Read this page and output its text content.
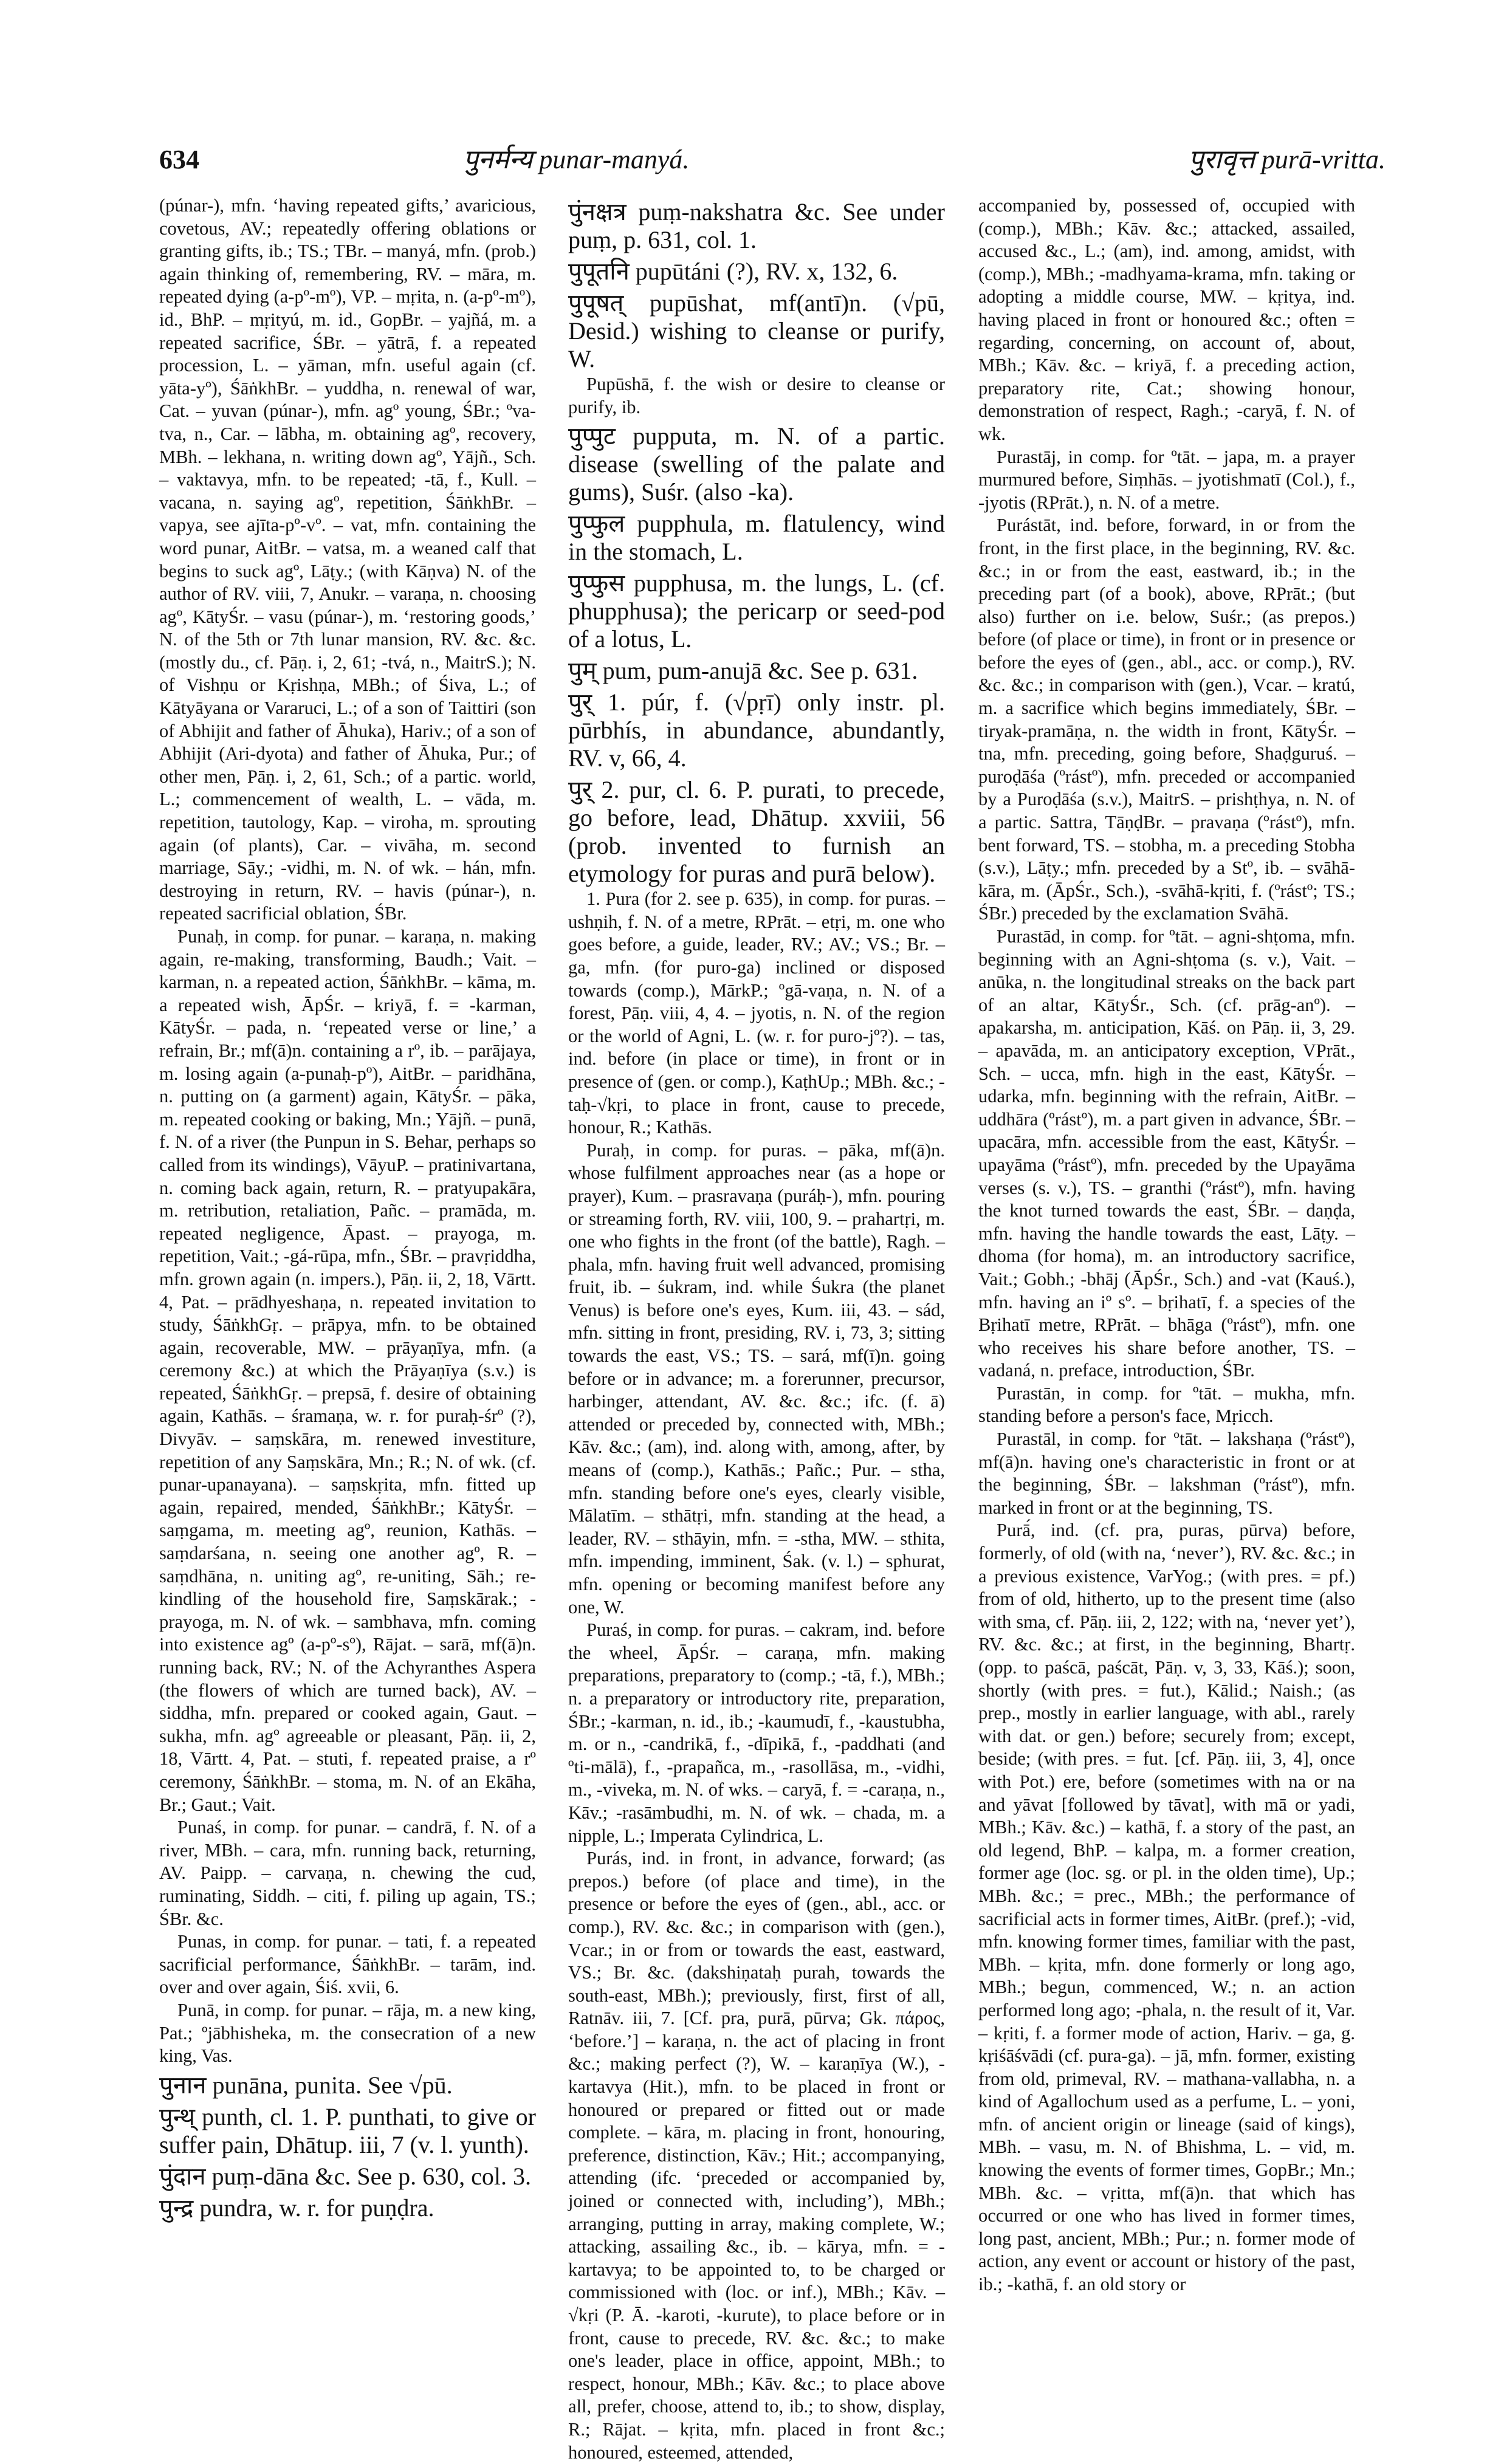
634	पुनर्मन्य punar-manyá.	पुरावृत्त purā-vritta.

(púnar-), mfn. ‘having repeated gifts,’ avaricious, covetous, AV.; repeatedly offering oblations or granting gifts, ib.; TS.; TBr. – manyá, mfn. (prob.) again thinking of, remembering, RV. – māra, m. repeated dying (a-pº-mº), VP. – mṛita, n. (a-pº-mº), id., BhP. – mṛityú, m. id., GopBr. – yajñá, m. a repeated sacrifice, ŚBr. – yātrā, f. a repeated procession, L. – yāman, mfn. useful again (cf. yāta-yº), ŚāṅkhBr. – yuddha, n. renewal of war, Cat. – yuvan (púnar-), mfn. agº young, ŚBr.; ºva-tva, n., Car. – lābha, m. obtaining agº, recovery, MBh. – lekhana, n. writing down agº, Yājñ., Sch. – vaktavya, mfn. to be repeated; -tā, f., Kull. – vacana, n. saying agº, repetition, ŚāṅkhBr. – vapya, see ajīta-pº-vº. – vat, mfn. containing the word punar, AitBr. – vatsa, m. a weaned calf that begins to suck agº, Lāṭy.; (with Kāṇva) N. of the author of RV. viii, 7, Anukr. – varaṇa, n. choosing agº, KātyŚr. – vasu (púnar-), m. ‘restoring goods,’ N. of the 5th or 7th lunar mansion, RV. &c. &c. (mostly du., cf. Pāṇ. i, 2, 61; -tvá, n., MaitrS.); N. of Vishṇu or Kṛishṇa, MBh.; of Śiva, L.; of Kātyāyana or Vararuci, L.; of a son of Taittiri (son of Abhijit and father of Āhuka), Hariv.; of a son of Abhijit (Ari-dyota) and father of Āhuka, Pur.; of other men, Pāṇ. i, 2, 61, Sch.; of a partic. world, L.; commencement of wealth, L. – vāda, m. repetition, tautology, Kap. – viroha, m. sprouting again (of plants), Car. – vivāha, m. second marriage, Sāy.; -vidhi, m. N. of wk. – hán, mfn. destroying in return, RV. – havis (púnar-), n. repeated sacrificial oblation, ŚBr.

Punaḥ, in comp. for punar. – karaṇa, n. making again, re-making, transforming, Baudh.; Vait. – karman, n. a repeated action, ŚāṅkhBr. – kāma, m. a repeated wish, ĀpŚr. – kriyā, f. = -karman, KātyŚr. – pada, n. ‘repeated verse or line,’ a refrain, Br.; mf(ā)n. containing a rº, ib. – parājaya, m. losing again (a-punaḥ-pº), AitBr. – paridhāna, n. putting on (a garment) again, KātyŚr. – pāka, m. repeated cooking or baking, Mn.; Yājñ. – punā, f. N. of a river (the Punpun in S. Behar, perhaps so called from its windings), VāyuP. – pratinivartana, n. coming back again, return, R. – pratyupakāra, m. retribution, retaliation, Pañc. – pramāda, m. repeated negligence, Āpast. – prayoga, m. repetition, Vait.; -gá-rūpa, mfn., ŚBr. – pravṛiddha, mfn. grown again (n. impers.), Pāṇ. ii, 2, 18, Vārtt. 4, Pat. – prādhyeshaṇa, n. repeated invitation to study, ŚāṅkhGṛ. – prāpya, mfn. to be obtained again, recoverable, MW. – prāyaṇīya, mfn. (a ceremony &c.) at which the Prāyaṇīya (s.v.) is repeated, ŚāṅkhGṛ. – prepsā, f. desire of obtaining again, Kathās. – śramaṇa, w. r. for puraḥ-śrº (?), Divyāv. – saṃskāra, m. renewed investiture, repetition of any Saṃskāra, Mn.; R.; N. of wk. (cf. punar-upanayana). – saṃskṛita, mfn. fitted up again, repaired, mended, ŚāṅkhBr.; KātyŚr. – saṃgama, m. meeting agº, reunion, Kathās. – saṃdarśana, n. seeing one another agº, R. – saṃdhāna, n. uniting agº, re-uniting, Sāh.; re-kindling of the household fire, Saṃskārak.; -prayoga, m. N. of wk. – sambhava, mfn. coming into existence agº (a-pº-sº), Rājat. – sarā, mf(ā)n. running back, RV.; N. of the Achyranthes Aspera (the flowers of which are turned back), AV. – siddha, mfn. prepared or cooked again, Gaut. – sukha, mfn. agº agreeable or pleasant, Pāṇ. ii, 2, 18, Vārtt. 4, Pat. – stuti, f. repeated praise, a rº ceremony, ŚāṅkhBr. – stoma, m. N. of an Ekāha, Br.; Gaut.; Vait.

Punaś, in comp. for punar. – candrā, f. N. of a river, MBh. – cara, mfn. running back, returning, AV. Paipp. – carvaṇa, n. chewing the cud, ruminating, Siddh. – citi, f. piling up again, TS.; ŚBr. &c.

Punas, in comp. for punar. – tati, f. a repeated sacrificial performance, ŚāṅkhBr. – tarām, ind. over and over again, Śiś. xvii, 6.

Punā, in comp. for punar. – rāja, m. a new king, Pat.; ºjābhisheka, m. the consecration of a new king, Vas.

पुनान punāna, punita. See √pū.

पुन्थ् punth, cl. 1. P. punthati, to give or suffer pain, Dhātup. iii, 7 (v. l. yunth).

पुंदान puṃ-dāna &c. See p. 630, col. 3.

पुन्द्र pundra, w. r. for puṇḍra.

पुंनक्षत्र puṃ-nakshatra &c. See under puṃ, p. 631, col. 1.

पुपूतनि pupūtáni (?), RV. x, 132, 6.

पुपूषत् pupūshat, mf(antī)n. (√pū, Desid.) wishing to cleanse or purify, W.

Pupūshā, f. the wish or desire to cleanse or purify, ib.

पुप्पुट pupputa, m. N. of a partic. disease (swelling of the palate and gums), Suśr. (also -ka).

पुप्फुल pupphula, m. flatulency, wind in the stomach, L.

पुप्फुस pupphusa, m. the lungs, L. (cf. phupphusa); the pericarp or seed-pod of a lotus, L.

पुम् pum, pum-anujā &c. See p. 631.

पुर् 1. púr, f. (√pṛī) only instr. pl. pūrbhís, in abundance, abundantly, RV. v, 66, 4.

पुर् 2. pur, cl. 6. P. purati, to precede, go before, lead, Dhātup. xxviii, 56 (prob. invented to furnish an etymology for puras and purā below).

1. Pura (for 2. see p. 635), in comp. for puras. – ushṇih, f. N. of a metre, RPrāt. – etṛi, m. one who goes before, a guide, leader, RV.; AV.; VS.; Br. – ga, mfn. (for puro-ga) inclined or disposed towards (comp.), MārkP.; ºgā-vaṇa, n. N. of a forest, Pāṇ. viii, 4, 4. – jyotis, n. N. of the region or the world of Agni, L. (w. r. for puro-jº?). – tas, ind. before (in place or time), in front or in presence of (gen. or comp.), KaṭhUp.; MBh. &c.; -taḥ-√kṛi, to place in front, cause to precede, honour, R.; Kathās.

Puraḥ, in comp. for puras. – pāka, mf(ā)n. whose fulfilment approaches near (as a hope or prayer), Kum. – prasravaṇa (puráḥ-), mfn. pouring or streaming forth, RV. viii, 100, 9. – prahartṛi, m. one who fights in the front (of the battle), Ragh. – phala, mfn. having fruit well advanced, promising fruit, ib. – śukram, ind. while Śukra (the planet Venus) is before one's eyes, Kum. iii, 43. – sád, mfn. sitting in front, presiding, RV. i, 73, 3; sitting towards the east, VS.; TS. – sará, mf(ī)n. going before or in advance; m. a forerunner, precursor, harbinger, attendant, AV. &c. &c.; ifc. (f. ā) attended or preceded by, connected with, MBh.; Kāv. &c.; (am), ind. along with, among, after, by means of (comp.), Kathās.; Pañc.; Pur. – stha, mfn. standing before one's eyes, clearly visible, Mālatīm. – sthātṛi, mfn. standing at the head, a leader, RV. – sthāyin, mfn. = -stha, MW. – sthita, mfn. impending, imminent, Śak. (v. l.) – sphurat, mfn. opening or becoming manifest before any one, W.

Puraś, in comp. for puras. – cakram, ind. before the wheel, ĀpŚr. – caraṇa, mfn. making preparations, preparatory to (comp.; -tā, f.), MBh.; n. a preparatory or introductory rite, preparation, ŚBr.; -karman, n. id., ib.; -kaumudī, f., -kaustubha, m. or n., -candrikā, f., -dīpikā, f., -paddhati (and ºti-mālā), f., -prapañca, m., -rasollāsa, m., -vidhi, m., -viveka, m. N. of wks. – caryā, f. = -caraṇa, n., Kāv.; -rasāmbudhi, m. N. of wk. – chada, m. a nipple, L.; Imperata Cylindrica, L.

Purás, ind. in front, in advance, forward; (as prepos.) before (of place and time), in the presence or before the eyes of (gen., abl., acc. or comp.), RV. &c. &c.; in comparison with (gen.), Vcar.; in or from or towards the east, eastward, VS.; Br. &c. (dakshiṇataḥ purah, towards the south-east, MBh.); previously, first, first of all, Ratnāv. iii, 7. [Cf. pra, purā, pūrva; Gk. πάρος, ‘before.’] – karaṇa, n. the act of placing in front &c.; making perfect (?), W. – karaṇīya (W.), -kartavya (Hit.), mfn. to be placed in front or honoured or prepared or fitted out or made complete. – kāra, m. placing in front, honouring, preference, distinction, Kāv.; Hit.; accompanying, attending (ifc. ‘preceded or accompanied by, joined or connected with, including’), MBh.; arranging, putting in array, making complete, W.; attacking, assailing &c., ib. – kārya, mfn. = -kartavya; to be appointed to, to be charged or commissioned with (loc. or inf.), MBh.; Kāv. – √kṛi (P. Ā. -karoti, -kurute), to place before or in front, cause to precede, RV. &c. &c.; to make one's leader, place in office, appoint, MBh.; to respect, honour, MBh.; Kāv. &c.; to place above all, prefer, choose, attend to, ib.; to show, display, R.; Rājat. – kṛita, mfn. placed in front &c.; honoured, esteemed, attended,

accompanied by, possessed of, occupied with (comp.), MBh.; Kāv. &c.; attacked, assailed, accused &c., L.; (am), ind. among, amidst, with (comp.), MBh.; -madhyama-krama, mfn. taking or adopting a middle course, MW. – kṛitya, ind. having placed in front or honoured &c.; often = regarding, concerning, on account of, about, MBh.; Kāv. &c. – kriyā, f. a preceding action, preparatory rite, Cat.; showing honour, demonstration of respect, Ragh.; -caryā, f. N. of wk.

Purastāj, in comp. for ºtāt. – japa, m. a prayer murmured before, Siṃhās. – jyotishmatī (Col.), f., -jyotis (RPrāt.), n. N. of a metre.

Purástāt, ind. before, forward, in or from the front, in the first place, in the beginning, RV. &c. &c.; in or from the east, eastward, ib.; in the preceding part (of a book), above, RPrāt.; (but also) further on i.e. below, Suśr.; (as prepos.) before (of place or time), in front or in presence or before the eyes of (gen., abl., acc. or comp.), RV. &c. &c.; in comparison with (gen.), Vcar. – kratú, m. a sacrifice which begins immediately, ŚBr. – tiryak-pramāṇa, n. the width in front, KātyŚr. – tna, mfn. preceding, going before, Shaḍguruś. – puroḍāśa (ºrástº), mfn. preceded or accompanied by a Puroḍāśa (s.v.), MaitrS. – prishṭhya, n. N. of a partic. Sattra, TāṇḍBr. – pravaṇa (ºrástº), mfn. bent forward, TS. – stobha, m. a preceding Stobha (s.v.), Lāṭy.; mfn. preceded by a Stº, ib. – svāhā-kāra, m. (ĀpŚr., Sch.), -svāhā-kṛiti, f. (ºrástº; TS.; ŚBr.) preceded by the exclamation Svāhā.

Purastād, in comp. for ºtāt. – agni-shṭoma, mfn. beginning with an Agni-shṭoma (s. v.), Vait. – anūka, n. the longitudinal streaks on the back part of an altar, KātyŚr., Sch. (cf. prāg-anº). – apakarsha, m. anticipation, Kāś. on Pāṇ. ii, 3, 29. – apavāda, m. an anticipatory exception, VPrāt., Sch. – ucca, mfn. high in the east, KātyŚr. – udarka, mfn. beginning with the refrain, AitBr. – uddhāra (ºrástº), m. a part given in advance, ŚBr. – upacāra, mfn. accessible from the east, KātyŚr. – upayāma (ºrástº), mfn. preceded by the Upayāma verses (s. v.), TS. – granthi (ºrástº), mfn. having the knot turned towards the east, ŚBr. – daṇḍa, mfn. having the handle towards the east, Lāṭy. – dhoma (for homa), m. an introductory sacrifice, Vait.; Gobh.; -bhāj (ĀpŚr., Sch.) and -vat (Kauś.), mfn. having an iº sº. – bṛihatī, f. a species of the Bṛihatī metre, RPrāt. – bhāga (ºrástº), mfn. one who receives his share before another, TS. – vadaná, n. preface, introduction, ŚBr.

Purastān, in comp. for ºtāt. – mukha, mfn. standing before a person's face, Mṛicch.

Purastāl, in comp. for ºtāt. – lakshaṇa (ºrástº), mf(ā)n. having one's characteristic in front or at the beginning, ŚBr. – lakshman (ºrástº), mfn. marked in front or at the beginning, TS.

Purā́, ind. (cf. pra, puras, pūrva) before, formerly, of old (with na, ‘never’), RV. &c. &c.; in a previous existence, VarYog.; (with pres. = pf.) from of old, hitherto, up to the present time (also with sma, cf. Pāṇ. iii, 2, 122; with na, ‘never yet’), RV. &c. &c.; at first, in the beginning, Bhartṛ. (opp. to paścā, paścāt, Pāṇ. v, 3, 33, Kāś.); soon, shortly (with pres. = fut.), Kālid.; Naish.; (as prep., mostly in earlier language, with abl., rarely with dat. or gen.) before; securely from; except, beside; (with pres. = fut. [cf. Pāṇ. iii, 3, 4], once with Pot.) ere, before (sometimes with na or na and yāvat [followed by tāvat], with mā or yadi, MBh.; Kāv. &c.) – kathā, f. a story of the past, an old legend, BhP. – kalpa, m. a former creation, former age (loc. sg. or pl. in the olden time), Up.; MBh. &c.; = prec., MBh.; the performance of sacrificial acts in former times, AitBr. (pref.); -vid, mfn. knowing former times, familiar with the past, MBh. – kṛita, mfn. done formerly or long ago, MBh.; begun, commenced, W.; n. an action performed long ago; -phala, n. the result of it, Var. – kṛiti, f. a former mode of action, Hariv. – ga, g. kṛiśāśvādi (cf. pura-ga). – jā, mfn. former, existing from old, primeval, RV. – mathana-vallabha, n. a kind of Agallochum used as a perfume, L. – yoni, mfn. of ancient origin or lineage (said of kings), MBh. – vasu, m. N. of Bhishma, L. – vid, m. knowing the events of former times, GopBr.; Mn.; MBh. &c. – vṛitta, mf(ā)n. that which has occurred or one who has lived in former times, long past, ancient, MBh.; Pur.; n. former mode of action, any event or account or history of the past, ib.; -kathā, f. an old story or
